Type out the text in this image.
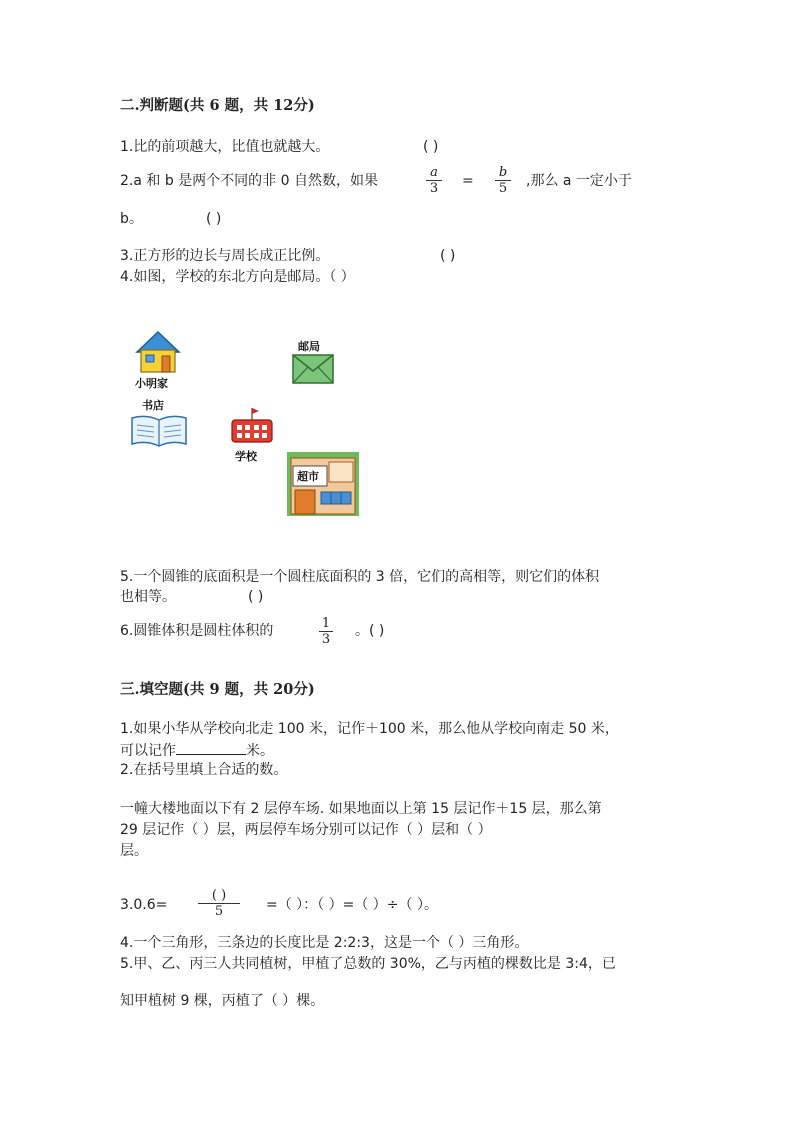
二.判断题(共 6 题，共 12分)
1.比的前项越大，比值也就越大。	( )
2.a 和 b 是两个不同的非 0 自然数，如果	$\frac{a}{3} = \frac{b}{5}$ ,那么 a 一定小于
b。	( )
3.正方形的边长与周长成正比例。	( )
4.如图，学校的东北方向是邮局。（ ）
小明家
邮局
书店
学校
超市
5.一个圆锥的底面积是一个圆柱底面积的 3 倍，它们的高相等，则它们的体积
也相等。	( )
6.圆锥体积是圆柱体积的	$\frac{1}{3}$ 。( )
三.填空题(共 9 题，共 20分)
1.如果小华从学校向北走 100 米，记作＋100 米，那么他从学校向南走 50 米，
可以记作	米。
2.在括号里填上合适的数。
一幢大楼地面以下有 2 层停车场. 如果地面以上第 15 层记作＋15 层，那么第
29 层记作（ ）层，两层停车场分别可以记作（ ）层和（ ）
层。
3.0.6=
( )
5	=（ ）：（ ）=（ ）÷（ ）。
4.一个三角形，三条边的长度比是 2:2:3，这是一个（ ）三角形。
5.甲、乙、丙三人共同植树，甲植了总数的 30%，乙与丙植的棵数比是 3:4，已
知甲植树 9 棵，丙植了（ ）棵。
